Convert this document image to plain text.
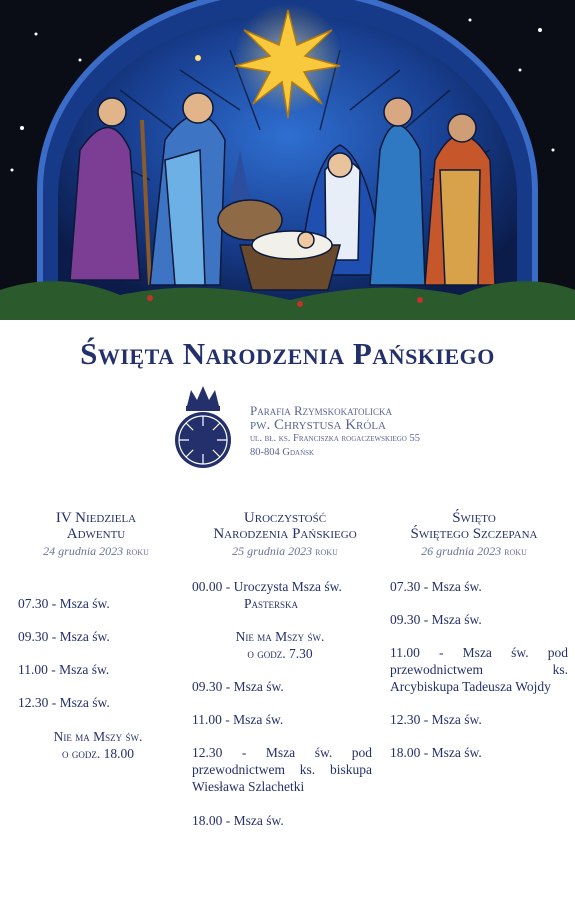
Święta Narodzenia Pańskiego
Parafia Rzymskokatolicka
pw. Chrystusa Króla
ul. bł. ks. Franciszka rogaczewskiego 55
80-804 Gdańsk
IV Niedziela
Adwentu
24 grudnia 2023 roku
07.30 - Msza św.
09.30 - Msza św.
11.00 - Msza św.
12.30 - Msza św.
Nie ma Mszy św.
o godz. 18.00
Uroczystość
Narodzenia Pańskiego
25 grudnia 2023 roku
00.00 - Uroczysta Msza św.
Pasterska
Nie ma Mszy św.
o godz. 7.30
09.30 - Msza św.
11.00 - Msza św.
12.30 - Msza św. pod przewodnictwem ks. biskupa Wiesława Szlachetki
18.00 - Msza św.
Święto
Świętego Szczepana
26 grudnia 2023 roku
07.30 - Msza św.
09.30 - Msza św.
11.00 - Msza św. pod przewodnictwem ks. Arcybiskupa Tadeusza Wojdy
12.30 - Msza św.
18.00 - Msza św.
